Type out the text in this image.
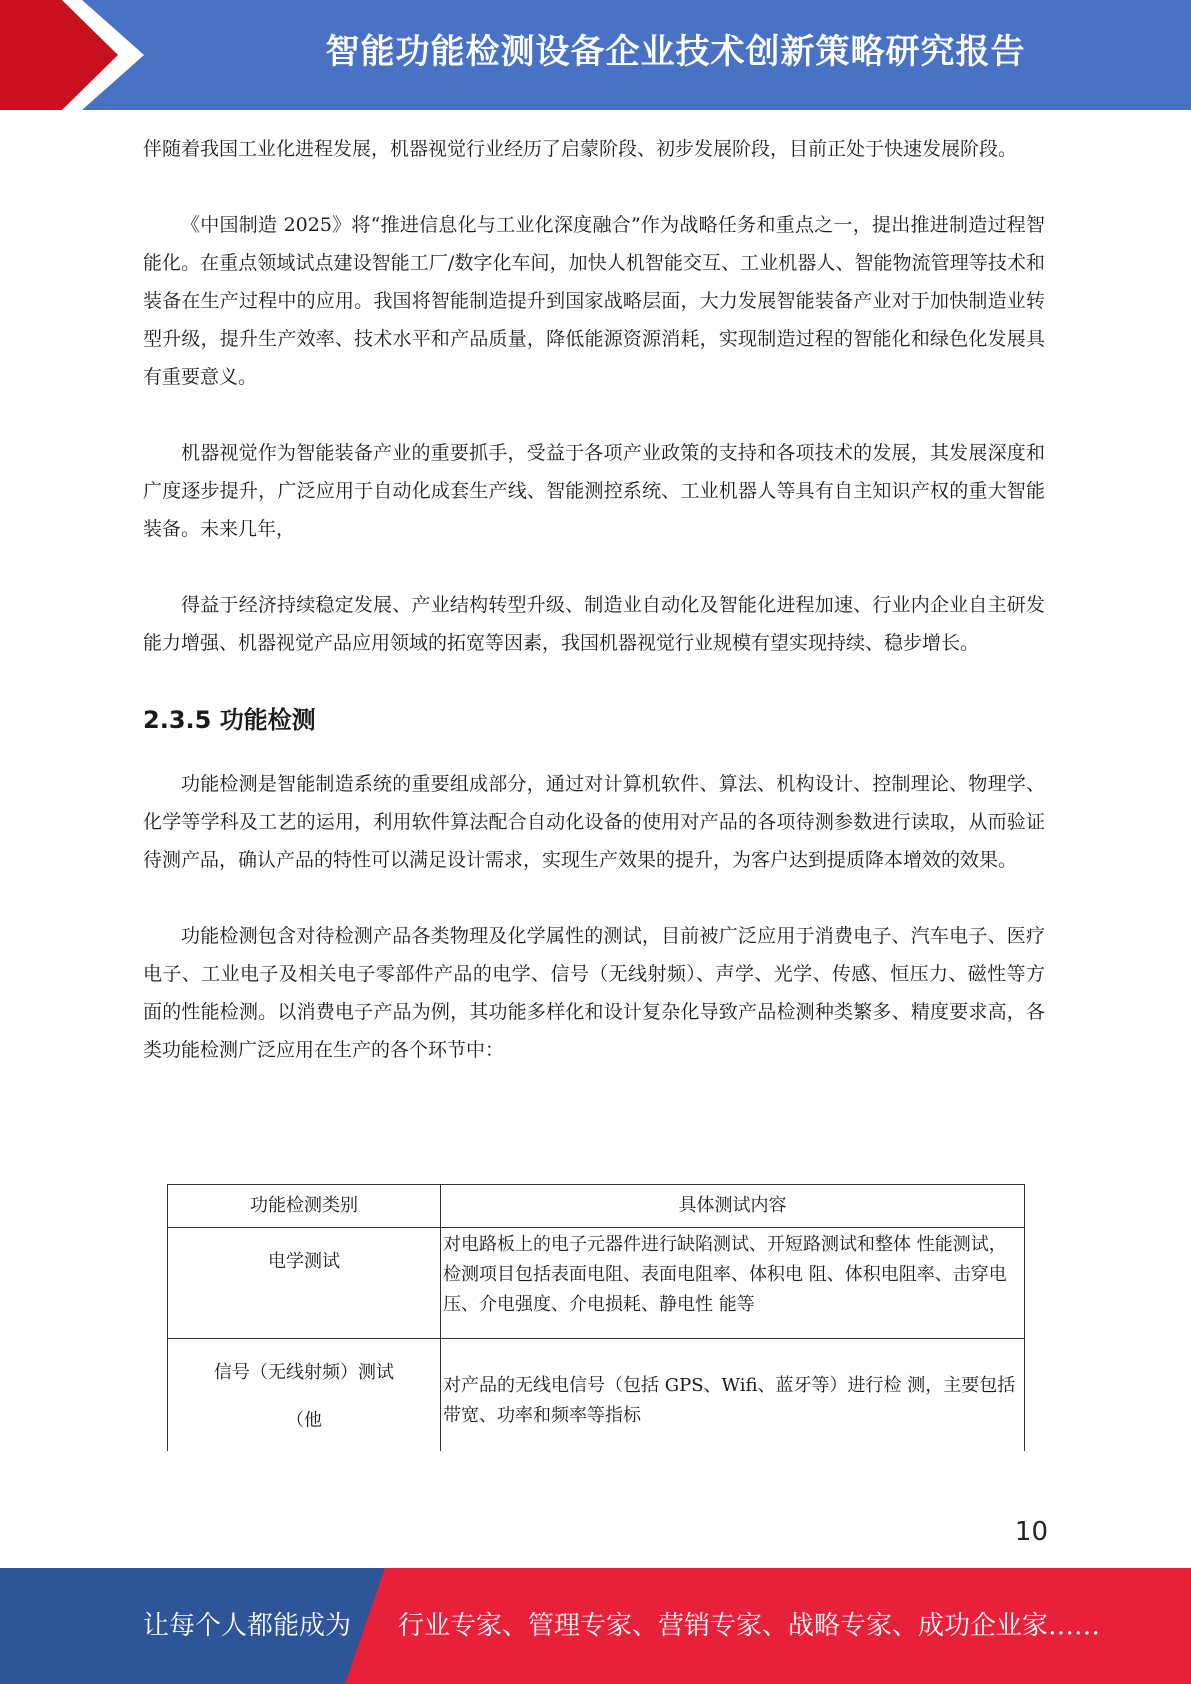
智能功能检测设备企业技术创新策略研究报告

伴随着我国工业化进程发展，机器视觉行业经历了启蒙阶段、初步发展阶段，目前正处于快速发展阶段。

《中国制造 2025》将“推进信息化与工业化深度融合”作为战略任务和重点之一，提出推进制造过程智能化。在重点领域试点建设智能工厂/数字化车间，加快人机智能交互、工业机器人、智能物流管理等技术和装备在生产过程中的应用。我国将智能制造提升到国家战略层面，大力发展智能装备产业对于加快制造业转型升级，提升生产效率、技术水平和产品质量，降低能源资源消耗，实现制造过程的智能化和绿色化发展具有重要意义。

机器视觉作为智能装备产业的重要抓手，受益于各项产业政策的支持和各项技术的发展，其发展深度和广度逐步提升，广泛应用于自动化成套生产线、智能测控系统、工业机器人等具有自主知识产权的重大智能装备。未来几年，

得益于经济持续稳定发展、产业结构转型升级、制造业自动化及智能化进程加速、行业内企业自主研发能力增强、机器视觉产品应用领域的拓宽等因素，我国机器视觉行业规模有望实现持续、稳步增长。

2.3.5 功能检测

功能检测是智能制造系统的重要组成部分，通过对计算机软件、算法、机构设计、控制理论、物理学、化学等学科及工艺的运用，利用软件算法配合自动化设备的使用对产品的各项待测参数进行读取，从而验证待测产品，确认产品的特性可以满足设计需求，实现生产效果的提升，为客户达到提质降本增效的效果。

功能检测包含对待检测产品各类物理及化学属性的测试，目前被广泛应用于消费电子、汽车电子、医疗电子、工业电子及相关电子零部件产品的电学、信号（无线射频）、声学、光学、传感、恒压力、磁性等方面的性能检测。以消费电子产品为例，其功能多样化和设计复杂化导致产品检测种类繁多、精度要求高，各类功能检测广泛应用在生产的各个环节中：

功能检测类别	具体测试内容

电学测试	对电路板上的电子元器件进行缺陷测试、开短路测试和整体 性能测试，检测项目包括表面电阻、表面电阻率、体积电 阻、体积电阻率、击穿电压、介电强度、介电损耗、静电性 能等

信号（无线射频）测试
（他	对产品的无线电信号（包括 GPS、Wifi、蓝牙等）进行检 测，主要包括带宽、功率和频率等指标
10
让每个人都能成为 行业专家、管理专家、营销专家、战略专家、成功企业家……
